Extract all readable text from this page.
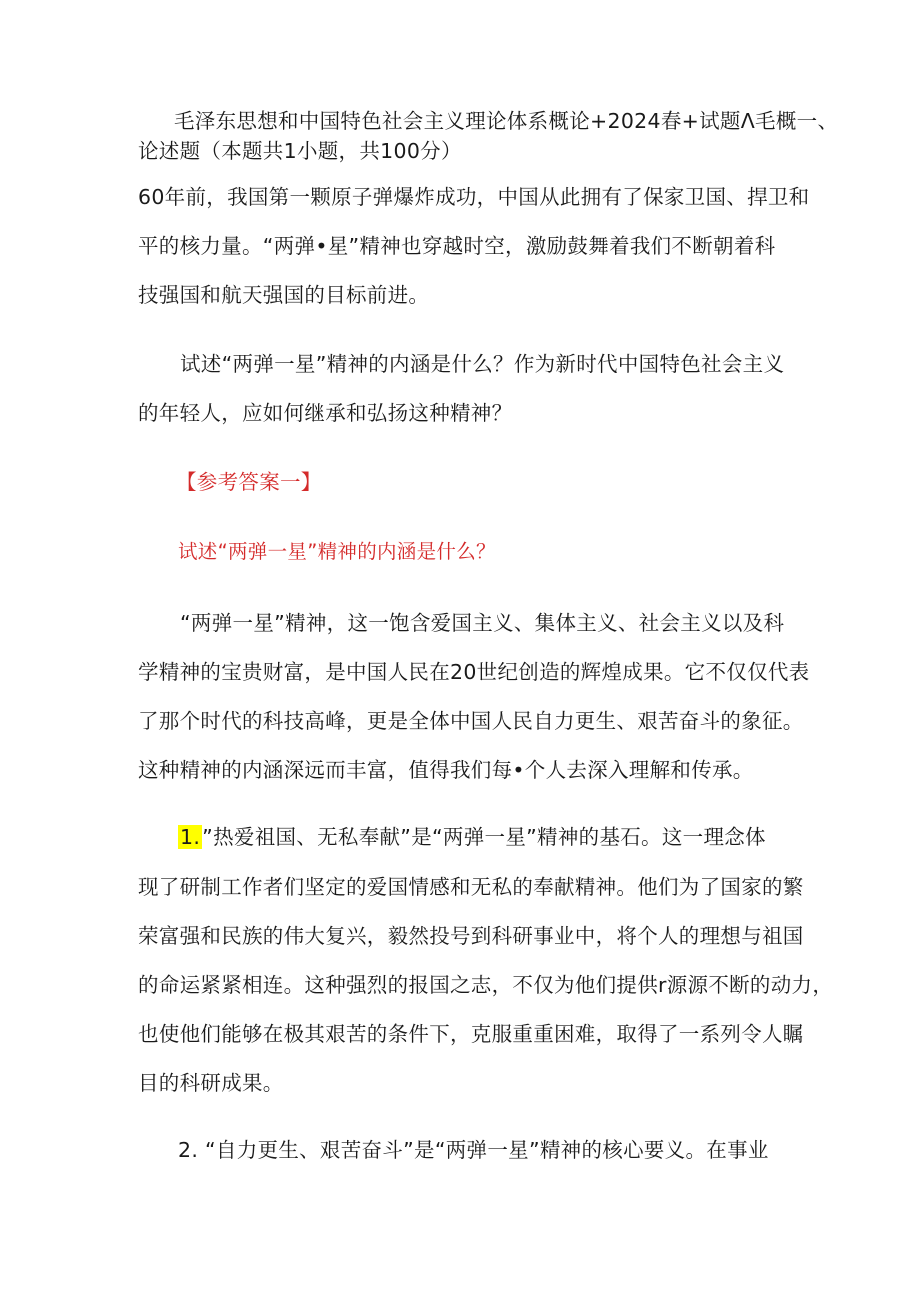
毛泽东思想和中国特色社会主义理论体系概论+2024春+试题Λ毛概一、
论述题（本题共1小题，共100分）
60年前，我国第一颗原子弹爆炸成功，中国从此拥有了保家卫国、捍卫和
平的核力量。“两弹•星”精神也穿越时空，激励鼓舞着我们不断朝着科
技强国和航天强国的目标前进。
试述“两弹一星”精神的内涵是什么？作为新时代中国特色社会主义
的年轻人，应如何继承和弘扬这种精神？
【参考答案一】
试述“两弹一星”精神的内涵是什么？
“两弹一星”精神，这一饱含爱国主义、集体主义、社会主义以及科
学精神的宝贵财富，是中国人民在20世纪创造的辉煌成果。它不仅仅代表
了那个时代的科技高峰，更是全体中国人民自力更生、艰苦奋斗的象征。
这种精神的内涵深远而丰富，值得我们每•个人去深入理解和传承。
1.”热爱祖国、无私奉献”是“两弹一星”精神的基石。这一理念体
现了研制工作者们坚定的爱国情感和无私的奉献精神。他们为了国家的繁
荣富强和民族的伟大复兴，毅然投号到科研事业中，将个人的理想与祖国
的命运紧紧相连。这种强烈的报国之志，不仅为他们提供r源源不断的动力，
也使他们能够在极其艰苦的条件下，克服重重困难，取得了一系列令人瞩
目的科研成果。
2. “自力更生、艰苦奋斗”是“两弹一星”精神的核心要义。在事业
